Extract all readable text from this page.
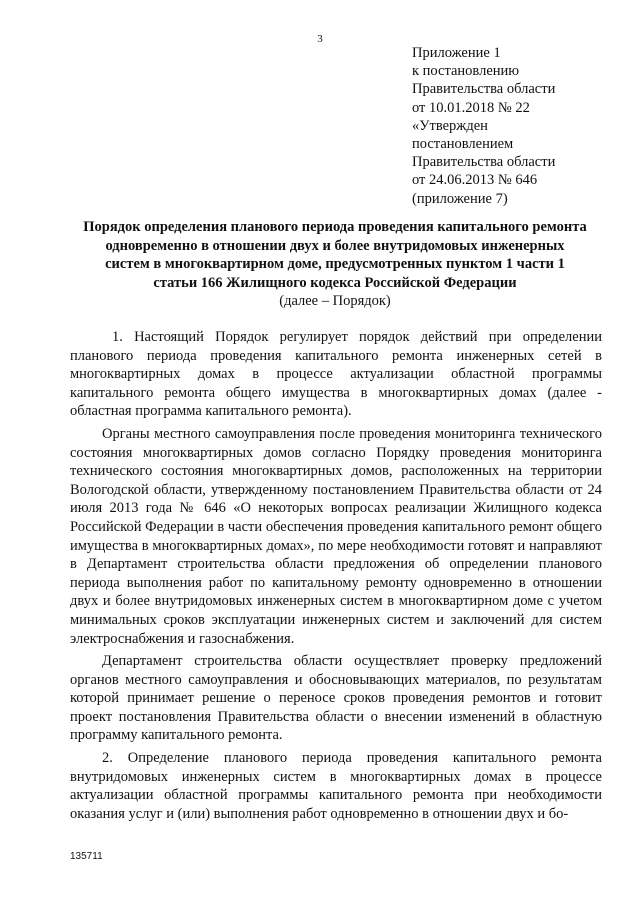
3
Приложение 1
к постановлению
Правительства области
от 10.01.2018 № 22
«Утвержден
постановлением
Правительства области
от 24.06.2013 № 646
(приложение 7)
Порядок определения планового периода проведения капитального ремонта
одновременно в отношении двух и более внутридомовых инженерных
систем в многоквартирном доме, предусмотренных пунктом 1 части 1
статьи 166 Жилищного кодекса Российской Федерации
(далее – Порядок)

1. Настоящий Порядок регулирует порядок действий при определении планового периода проведения капитального ремонта инженерных сетей в многоквартирных домах в процессе актуализации областной программы капитального ремонта общего имущества в многоквартирных домах (далее - областная программа капитального ремонта).

Органы местного самоуправления после проведения мониторинга технического состояния многоквартирных домов согласно Порядку проведения мониторинга технического состояния многоквартирных домов, расположенных на территории Вологодской области, утвержденному постановлением Правительства области от 24 июля 2013 года № 646 «О некоторых вопросах реализации Жилищного кодекса Российской Федерации в части обеспечения проведения капитального ремонт общего имущества в многоквартирных домах», по мере необходимости готовят и направляют в Департамент строительства области предложения об определении планового периода выполнения работ по капитальному ремонту одновременно в отношении двух и более внутридомовых инженерных систем в многоквартирном доме с учетом минимальных сроков эксплуатации инженерных систем и заключений для систем электроснабжения и газоснабжения.

Департамент строительства области осуществляет проверку предложений органов местного самоуправления и обосновывающих материалов, по результатам которой принимает решение о переносе сроков проведения ремонтов и готовит проект постановления Правительства области о внесении изменений в областную программу капитального ремонта.

2. Определение планового периода проведения капитального ремонта внутридомовых инженерных систем в многоквартирных домах в процессе актуализации областной программы капитального ремонта при необходимости оказания услуг и (или) выполнения работ одновременно в отношении двух и бо-

135711
